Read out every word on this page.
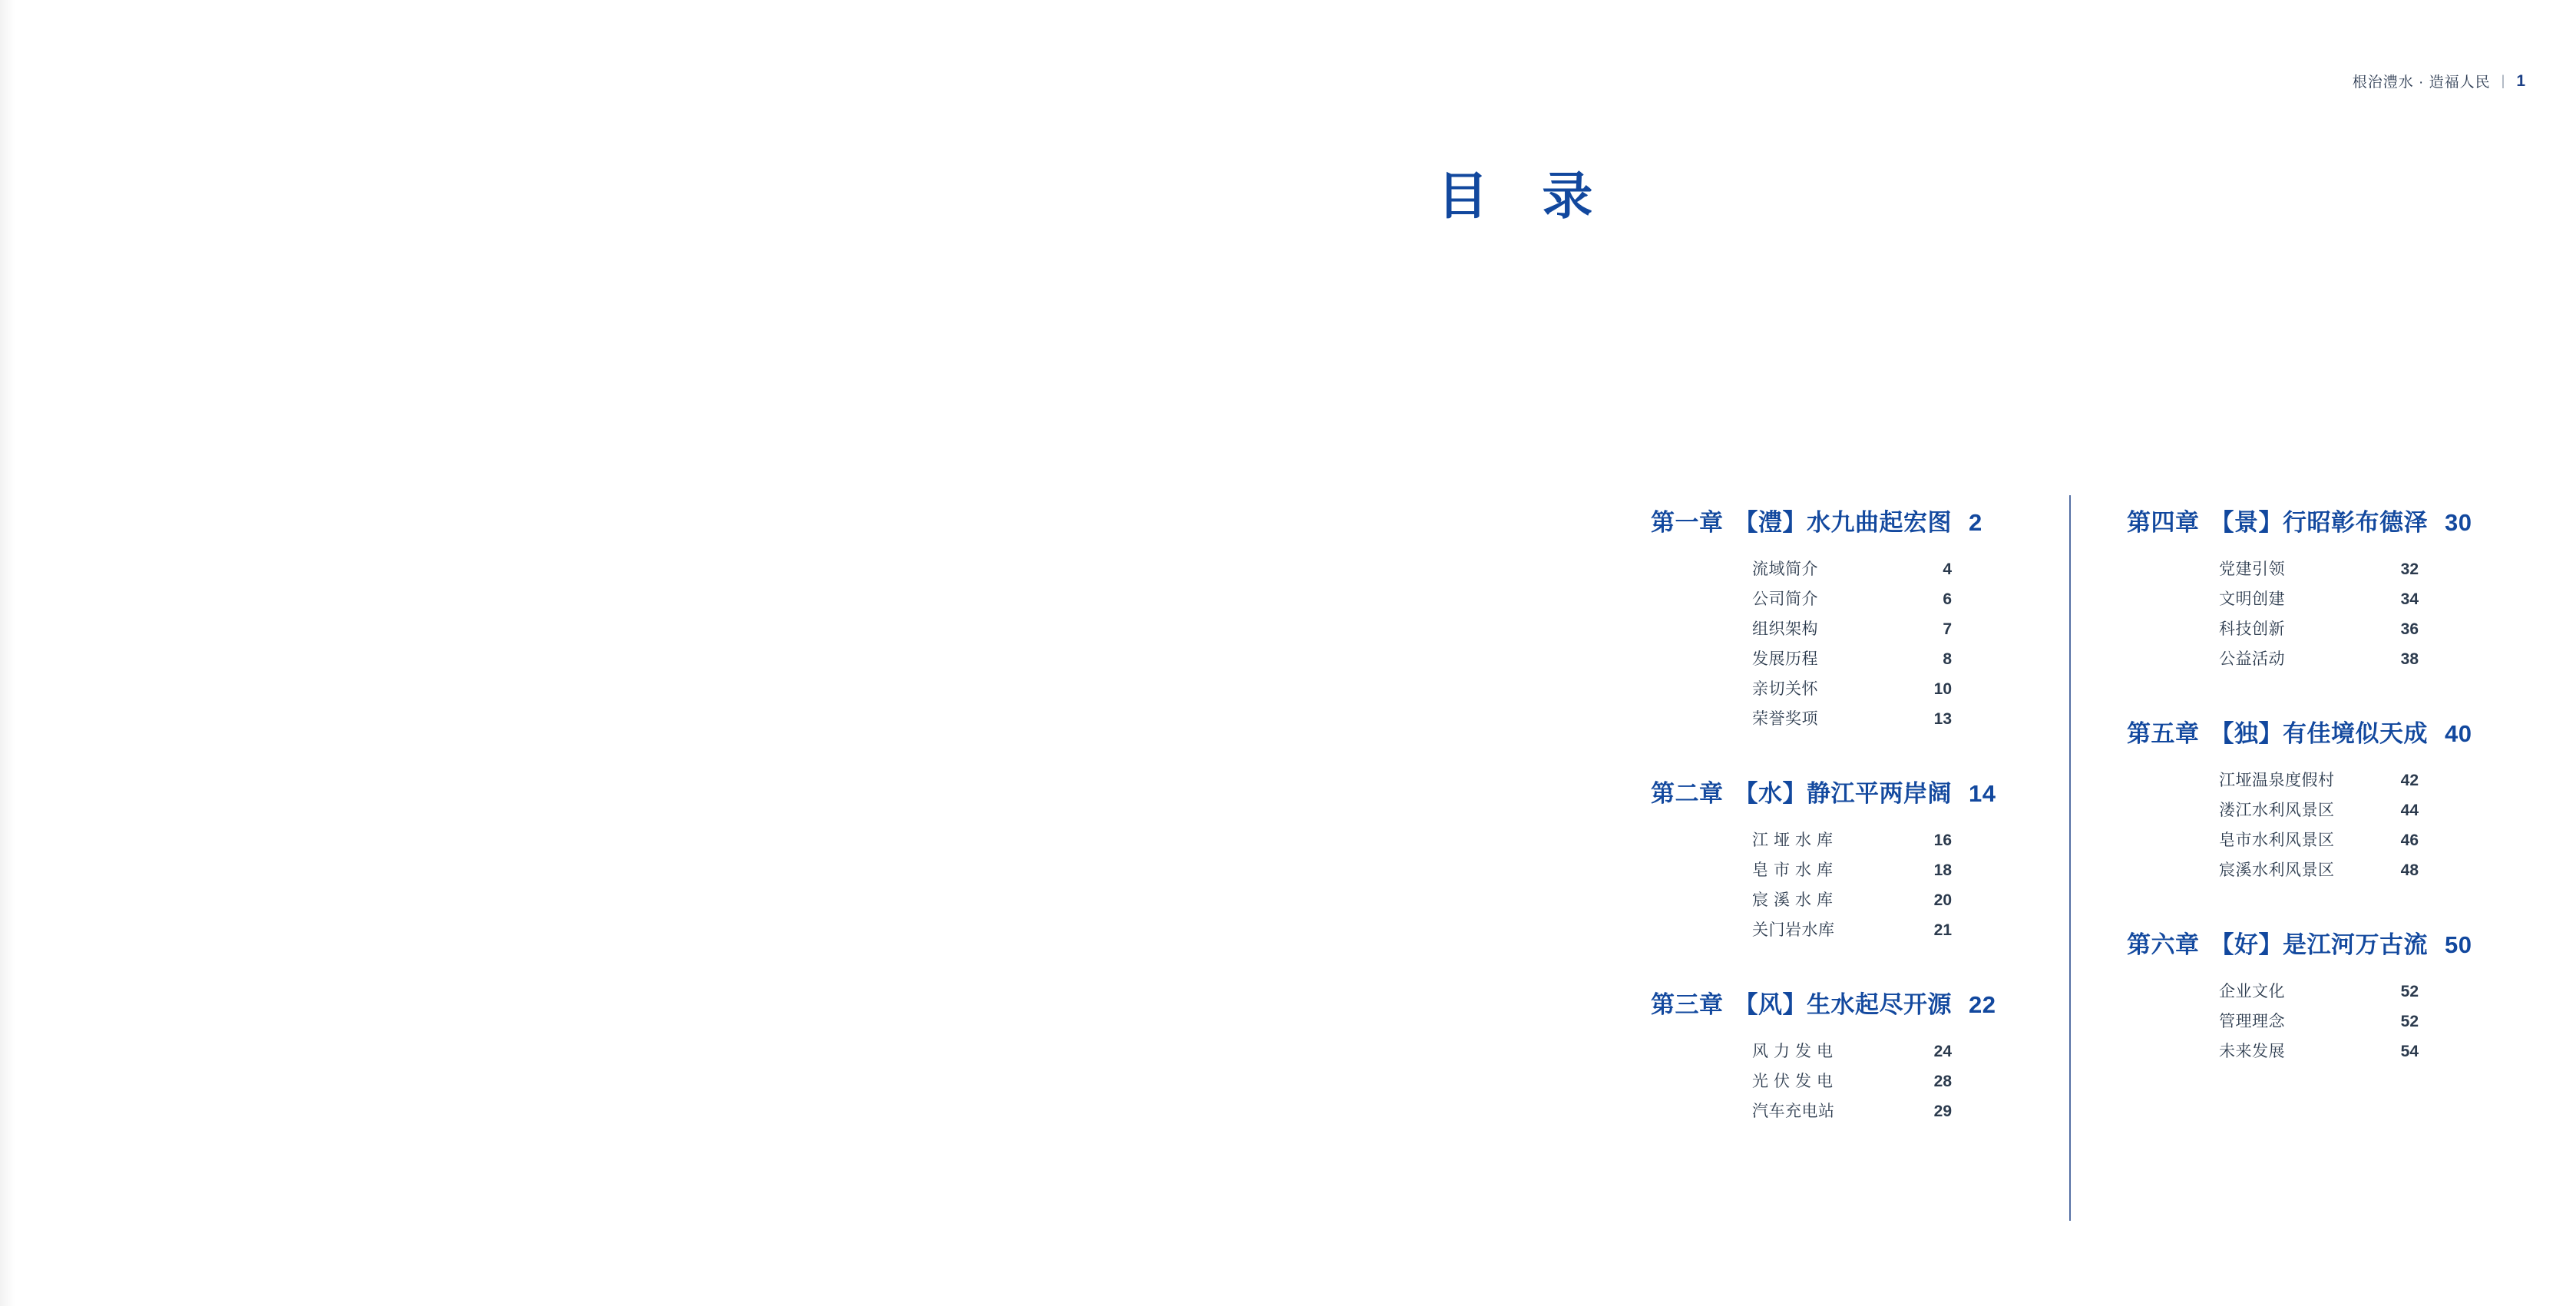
根治澧水 · 造福人民 | 1
目 录
第一章 【澧】水九曲起宏图 2
流域简介	4
公司简介	6
组织架构	7
发展历程	8
亲切关怀	10
荣誉奖项	13
第二章 【水】静江平两岸阔 14
江垭水库	16
皂市水库	18
宸溪水库	20
关门岩水库	21
第三章 【风】生水起尽开源 22
风力发电	24
光伏发电	28
汽车充电站	29
第四章 【景】行昭彰布德泽 30
党建引领	32
文明创建	34
科技创新	36
公益活动	38
第五章 【独】有佳境似天成 40
江垭温泉度假村	42
溇江水利风景区	44
皂市水利风景区	46
宸溪水利风景区	48
第六章 【好】是江河万古流 50
企业文化	52
管理理念	52
未来发展	54
